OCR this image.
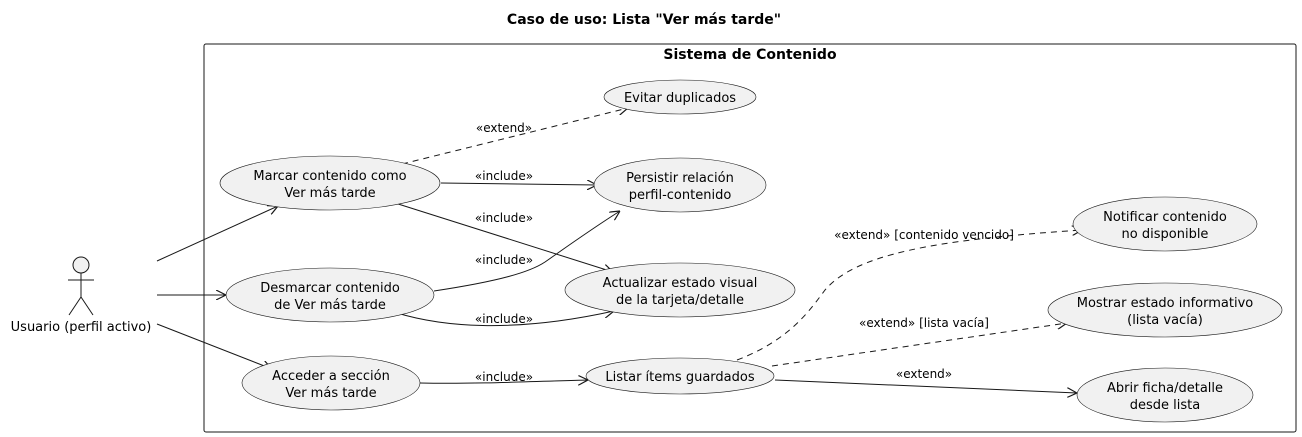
Caso de uso: Lista "Ver más tarde"
Sistema de Contenido
Usuario (perfil activo)
«extend»
«include»
«include»
«include»
«include»
«include»
«extend» [contenido vencido]
«extend» [lista vacía]
«extend»
Marcar contenido como
Ver más tarde
Desmarcar contenido
de Ver más tarde
Acceder a sección
Ver más tarde
Evitar duplicados
Persistir relación
perfil-contenido
Actualizar estado visual
de la tarjeta/detalle
Listar ítems guardados
Notificar contenido
no disponible
Mostrar estado informativo
(lista vacía)
Abrir ficha/detalle
desde lista
